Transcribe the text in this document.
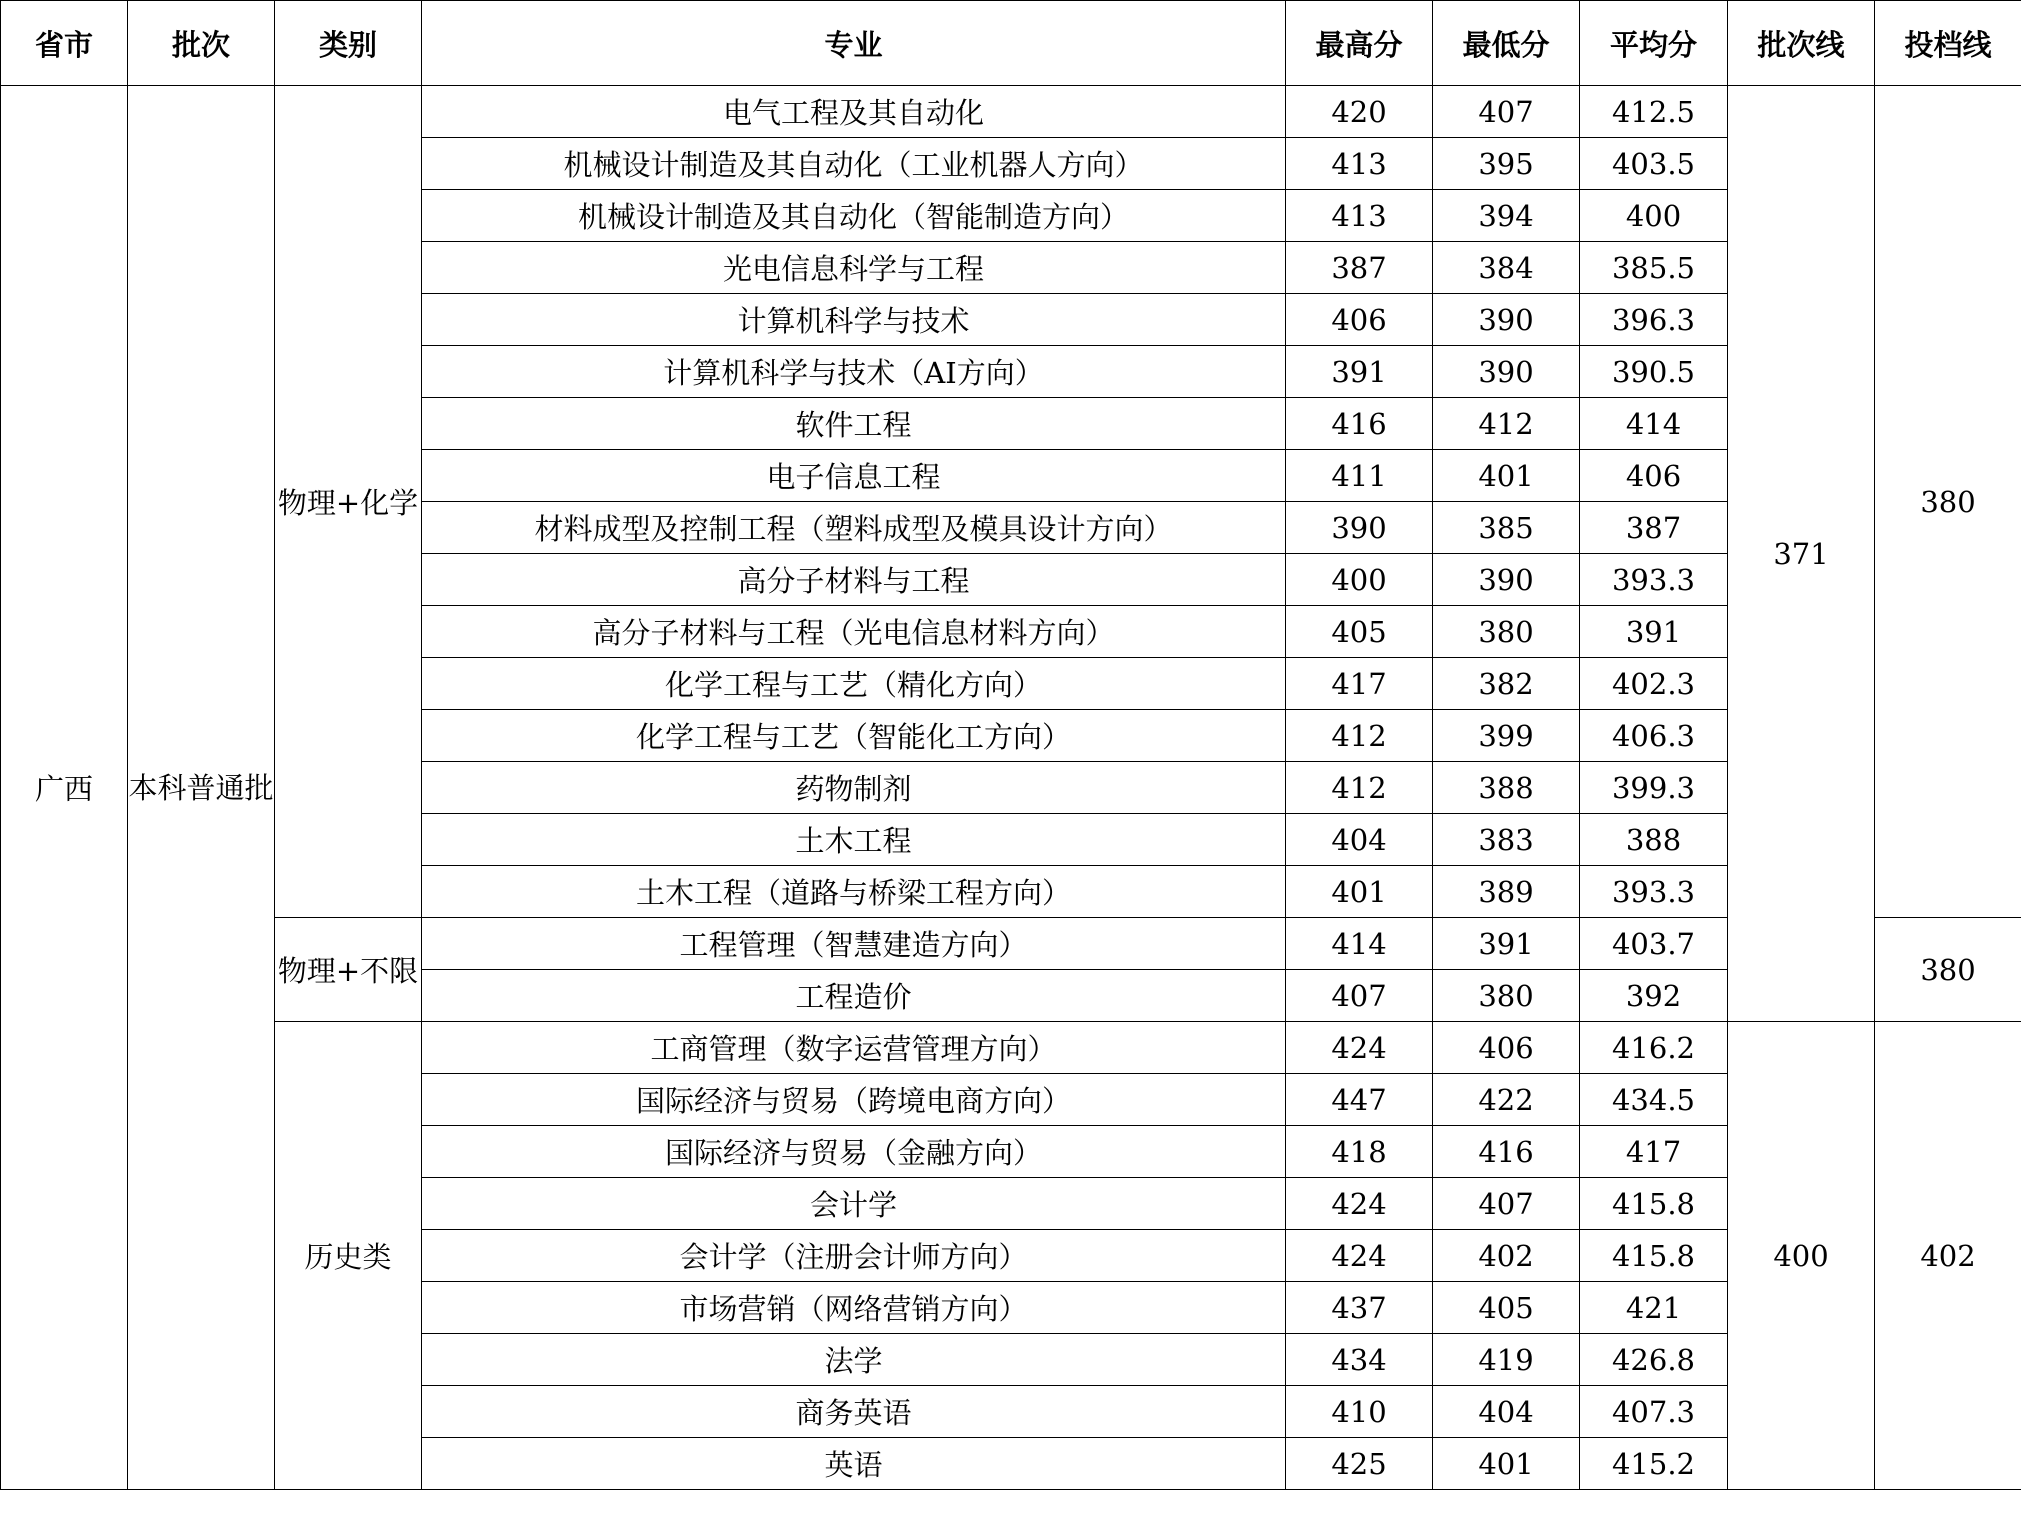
省市	批次	类别	专业	最高分	最低分	平均分	批次线	投档线
广西	本科普通批	物理+化学	电气工程及其自动化	420	407	412.5	371	380
			机械设计制造及其自动化（工业机器人方向）	413	395	403.5		
			机械设计制造及其自动化（智能制造方向）	413	394	400		
			光电信息科学与工程	387	384	385.5		
			计算机科学与技术	406	390	396.3		
			计算机科学与技术（AI方向）	391	390	390.5		
			软件工程	416	412	414		
			电子信息工程	411	401	406		
			材料成型及控制工程（塑料成型及模具设计方向）	390	385	387		
			高分子材料与工程	400	390	393.3		
			高分子材料与工程（光电信息材料方向）	405	380	391		
			化学工程与工艺（精化方向）	417	382	402.3		
			化学工程与工艺（智能化工方向）	412	399	406.3		
			药物制剂	412	388	399.3		
			土木工程	404	383	388		
			土木工程（道路与桥梁工程方向）	401	389	393.3		
		物理+不限	工程管理（智慧建造方向）	414	391	403.7		380
			工程造价	407	380	392		
		历史类	工商管理（数字运营管理方向）	424	406	416.2	400	402
			国际经济与贸易（跨境电商方向）	447	422	434.5		
			国际经济与贸易（金融方向）	418	416	417		
			会计学	424	407	415.8		
			会计学（注册会计师方向）	424	402	415.8		
			市场营销（网络营销方向）	437	405	421		
			法学	434	419	426.8		
			商务英语	410	404	407.3		
			英语	425	401	415.2		
